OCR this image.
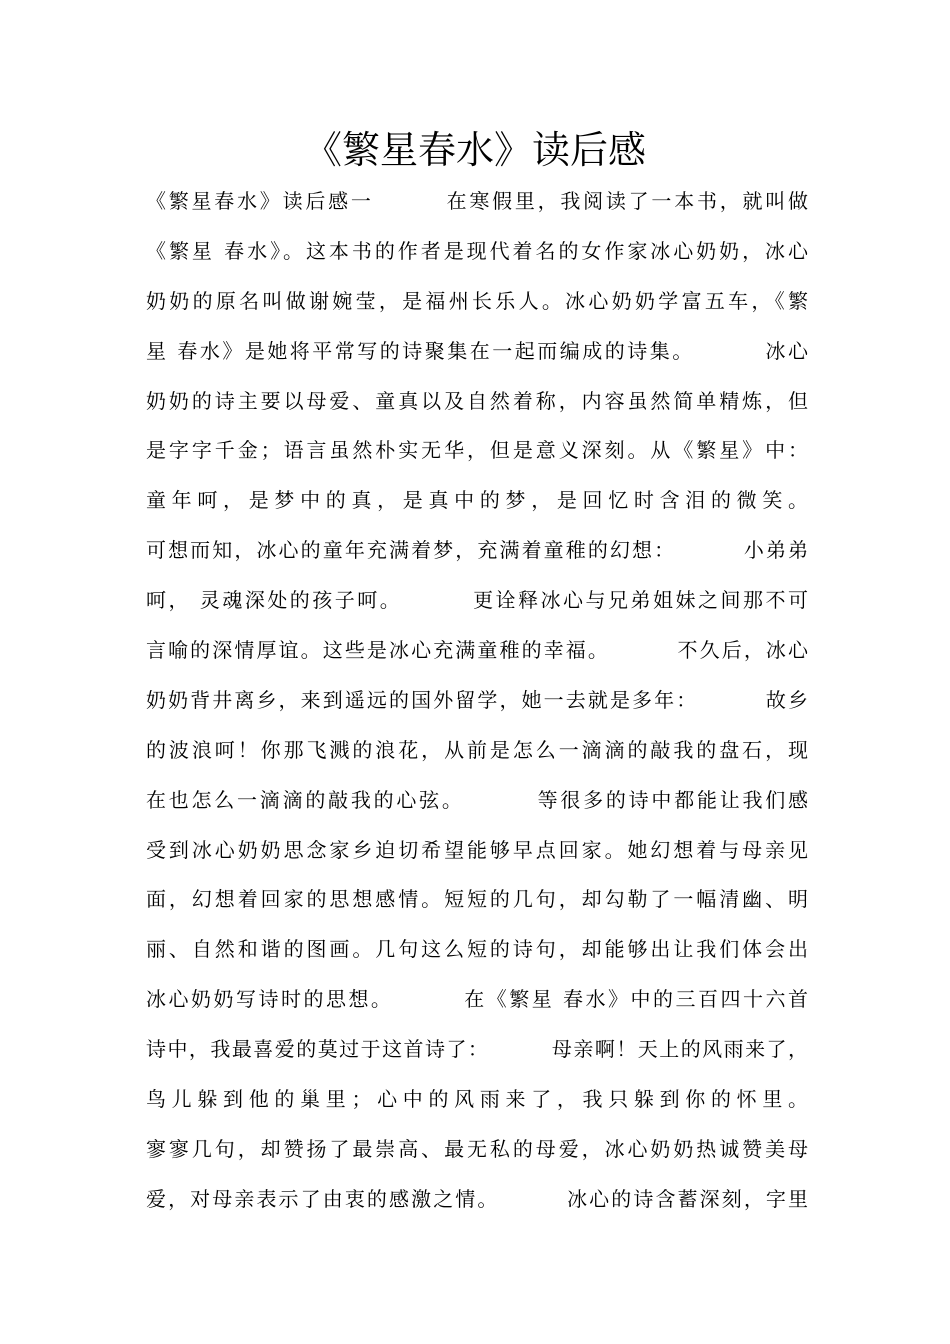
《繁星春水》读后感
《繁星春水》读后感一        在寒假里，我阅读了一本书，就叫做
《繁星 春水》。这本书的作者是现代着名的女作家冰心奶奶，冰心
奶奶的原名叫做谢婉莹，是福州长乐人。冰心奶奶学富五车，《繁
星 春水》是她将平常写的诗聚集在一起而编成的诗集。        冰心
奶奶的诗主要以母爱、童真以及自然着称，内容虽然简单精炼，但
是字字千金；语言虽然朴实无华，但是意义深刻。从《繁星》中：
童年呵，是梦中的真，是真中的梦，是回忆时含泪的微笑。
可想而知，冰心的童年充满着梦，充满着童稚的幻想：        小弟弟
呵， 灵魂深处的孩子呵。        更诠释冰心与兄弟姐妹之间那不可
言喻的深情厚谊。这些是冰心充满童稚的幸福。        不久后，冰心
奶奶背井离乡，来到遥远的国外留学，她一去就是多年：        故乡
的波浪呵！你那飞溅的浪花，从前是怎么一滴滴的敲我的盘石，现
在也怎么一滴滴的敲我的心弦。        等很多的诗中都能让我们感
受到冰心奶奶思念家乡迫切希望能够早点回家。她幻想着与母亲见
面，幻想着回家的思想感情。短短的几句，却勾勒了一幅清幽、明
丽、自然和谐的图画。几句这么短的诗句，却能够出让我们体会出
冰心奶奶写诗时的思想。        在《繁星 春水》中的三百四十六首
诗中，我最喜爱的莫过于这首诗了：        母亲啊！天上的风雨来了，
鸟儿躲到他的巢里；心中的风雨来了，我只躲到你的怀里。
寥寥几句，却赞扬了最崇高、最无私的母爱，冰心奶奶热诚赞美母
爱，对母亲表示了由衷的感激之情。        冰心的诗含蓄深刻，字里
